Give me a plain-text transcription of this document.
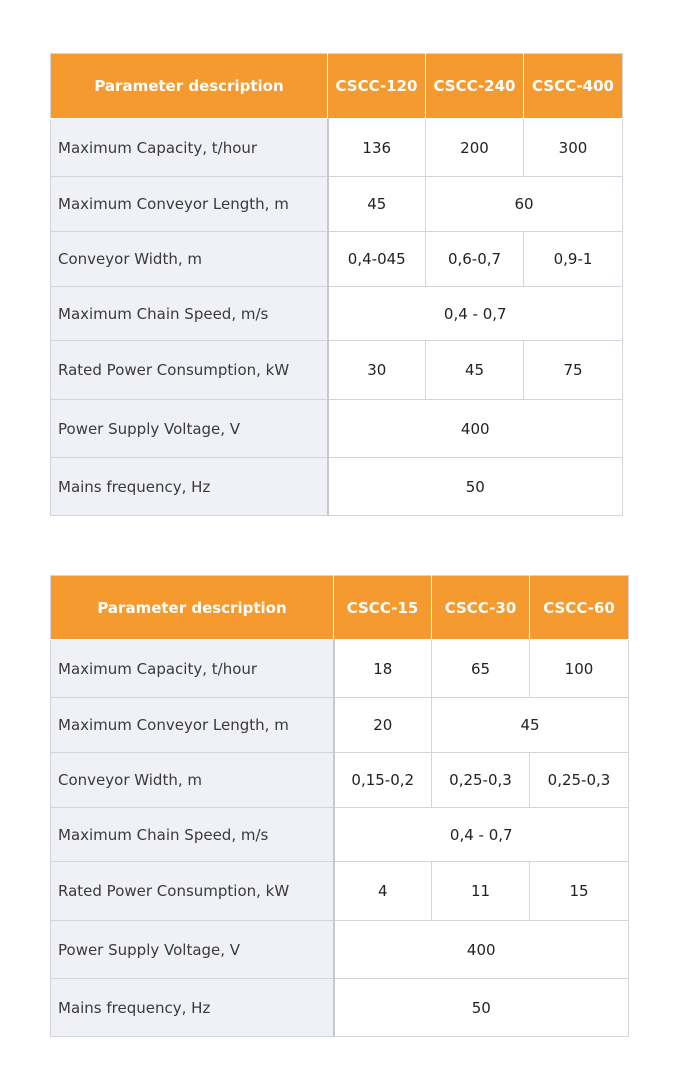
Parameter description	CSCC-120	CSCC-240	CSCC-400
Maximum Capacity, t/hour	136	200	300
Maximum Conveyor Length, m	45	60	
Conveyor Width, m	0,4-045	0,6-0,7	0,9-1
Maximum Chain Speed, m/s	0,4 - 0,7		
Rated Power Consumption, kW	30	45	75
Power Supply Voltage, V	400		
Mains frequency, Hz	50		
Parameter description	CSCC-15	CSCC-30	CSCC-60
Maximum Capacity, t/hour	18	65	100
Maximum Conveyor Length, m	20	45	
Conveyor Width, m	0,15-0,2	0,25-0,3	0,25-0,3
Maximum Chain Speed, m/s	0,4 - 0,7		
Rated Power Consumption, kW	4	11	15
Power Supply Voltage, V	400		
Mains frequency, Hz	50		
